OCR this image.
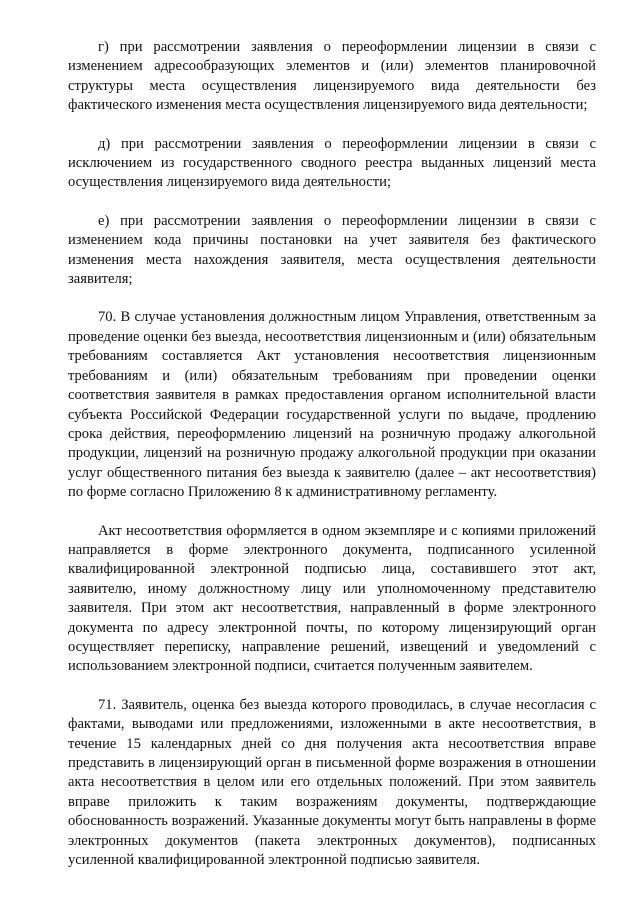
г) при рассмотрении заявления о переоформлении лицензии в связи с изменением адресообразующих элементов и (или) элементов планировочной структуры места осуществления лицензируемого вида деятельности без фактического изменения места осуществления лицензируемого вида деятельности;

д) при рассмотрении заявления о переоформлении лицензии в связи с исключением из государственного сводного реестра выданных лицензий места осуществления лицензируемого вида деятельности;

е) при рассмотрении заявления о переоформлении лицензии в связи с изменением кода причины постановки на учет заявителя без фактического изменения места нахождения заявителя, места осуществления деятельности заявителя;

70. В случае установления должностным лицом Управления, ответственным за проведение оценки без выезда, несоответствия лицензионным и (или) обязательным требованиям составляется Акт установления несоответствия лицензионным требованиям и (или) обязательным требованиям при проведении оценки соответствия заявителя в рамках предоставления органом исполнительной власти субъекта Российской Федерации государственной услуги по выдаче, продлению срока действия, переоформлению лицензий на розничную продажу алкогольной продукции, лицензий на розничную продажу алкогольной продукции при оказании услуг общественного питания без выезда к заявителю (далее – акт несоответствия) по форме согласно Приложению 8 к административному регламенту.

Акт несоответствия оформляется в одном экземпляре и с копиями приложений направляется в форме электронного документа, подписанного усиленной квалифицированной электронной подписью лица, составившего этот акт, заявителю, иному должностному лицу или уполномоченному представителю заявителя. При этом акт несоответствия, направленный в форме электронного документа по адресу электронной почты, по которому лицензирующий орган осуществляет переписку, направление решений, извещений и уведомлений с использованием электронной подписи, считается полученным заявителем.

71. Заявитель, оценка без выезда которого проводилась, в случае несогласия с фактами, выводами или предложениями, изложенными в акте несоответствия, в течение 15 календарных дней со дня получения акта несоответствия вправе представить в лицензирующий орган в письменной форме возражения в отношении акта несоответствия в целом или его отдельных положений. При этом заявитель вправе приложить к таким возражениям документы, подтверждающие обоснованность возражений. Указанные документы могут быть направлены в форме электронных документов (пакета электронных документов), подписанных усиленной квалифицированной электронной подписью заявителя.
